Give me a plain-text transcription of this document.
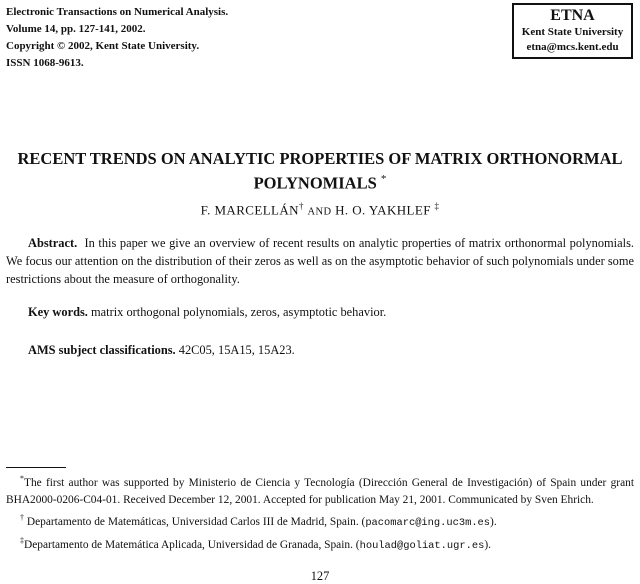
Electronic Transactions on Numerical Analysis.
Volume 14, pp. 127-141, 2002.
Copyright © 2002, Kent State University.
ISSN 1068-9613.
ETNA
Kent State University
etna@mcs.kent.edu
RECENT TRENDS ON ANALYTIC PROPERTIES OF MATRIX ORTHONORMAL POLYNOMIALS *
F. MARCELLÁN† AND H. O. YAKHLEF ‡

Abstract. In this paper we give an overview of recent results on analytic properties of matrix orthonormal polynomials. We focus our attention on the distribution of their zeros as well as on the asymptotic behavior of such polynomials under some restrictions about the measure of orthogonality.

Key words. matrix orthogonal polynomials, zeros, asymptotic behavior.

AMS subject classifications. 42C05, 15A15, 15A23.

*The first author was supported by Ministerio de Ciencia y Tecnología (Dirección General de Investigación) of Spain under grant BHA2000-0206-C04-01. Received December 12, 2001. Accepted for publication May 21, 2001. Communicated by Sven Ehrich.

† Departamento de Matemáticas, Universidad Carlos III de Madrid, Spain. (pacomarc@ing.uc3m.es).

‡Departamento de Matemática Aplicada, Universidad de Granada, Spain. (houlad@goliat.ugr.es).

127
